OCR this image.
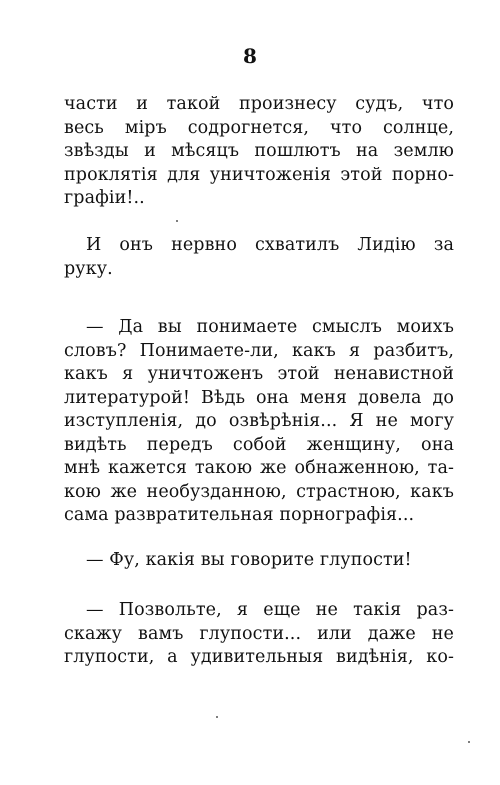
8
части и такой произнесу судъ, что
весь міръ содрогнется, что солнце,
звѣзды и мѣсяцъ пошлютъ на землю
проклятія для уничтоженія этой порно-
графіи!..
И онъ нервно схватилъ Лидію за
руку.
— Да вы понимаете смыслъ моихъ
словъ? Понимаете-ли, какъ я разбитъ,
какъ я уничтоженъ этой ненавистной
литературой! Вѣдь она меня довела до
изступленія, до озвѣрѣнія... Я не могу
видѣть передъ собой женщину, она
мнѣ кажется такою же обнаженною, та-
кою же необузданною, страстною, какъ
сама развратительная порнографія...
— Фу, какія вы говорите глупости!
— Позвольте, я еще не такія раз-
скажу вамъ глупости... или даже не
глупости, а удивительныя видѣнія, ко-
